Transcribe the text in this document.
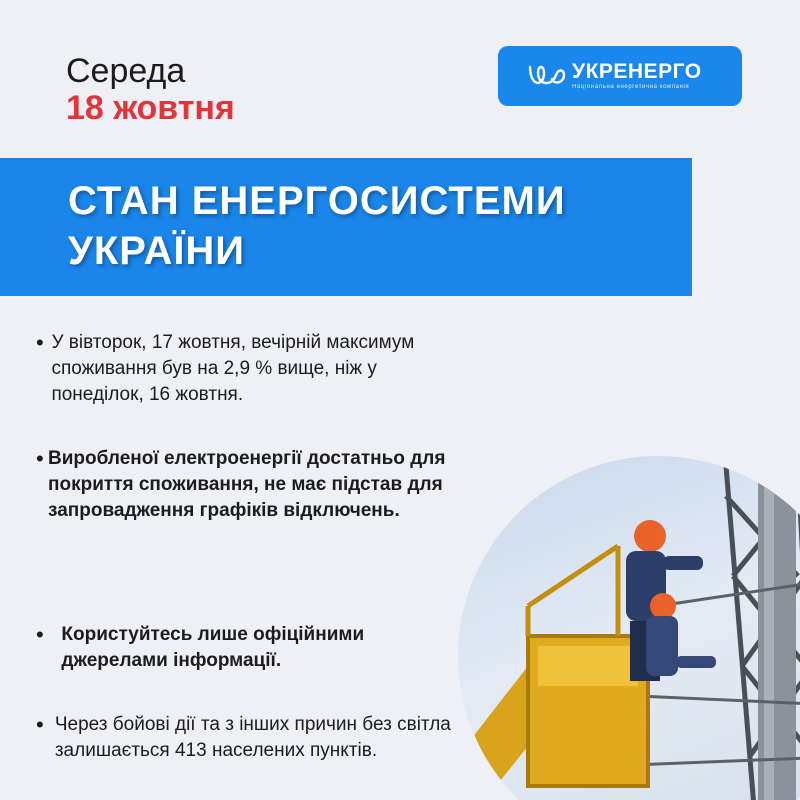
Середа
18 жовтня
УКРЕНЕРГО
Національна енергетична компанія
СТАН ЕНЕРГОСИСТЕМИ УКРАЇНИ
• У вівторок, 17 жовтня, вечірній максимум споживання був на 2,9 % вище, ніж у понеділок, 16 жовтня.
• Виробленої електроенергії достатньо для покриття споживання, не має підстав для запровадження графіків відключень.
• Користуйтесь лише офіційними джерелами інформації.
• Через бойові дії та з інших причин без світла залишається 413 населених пунктів.
